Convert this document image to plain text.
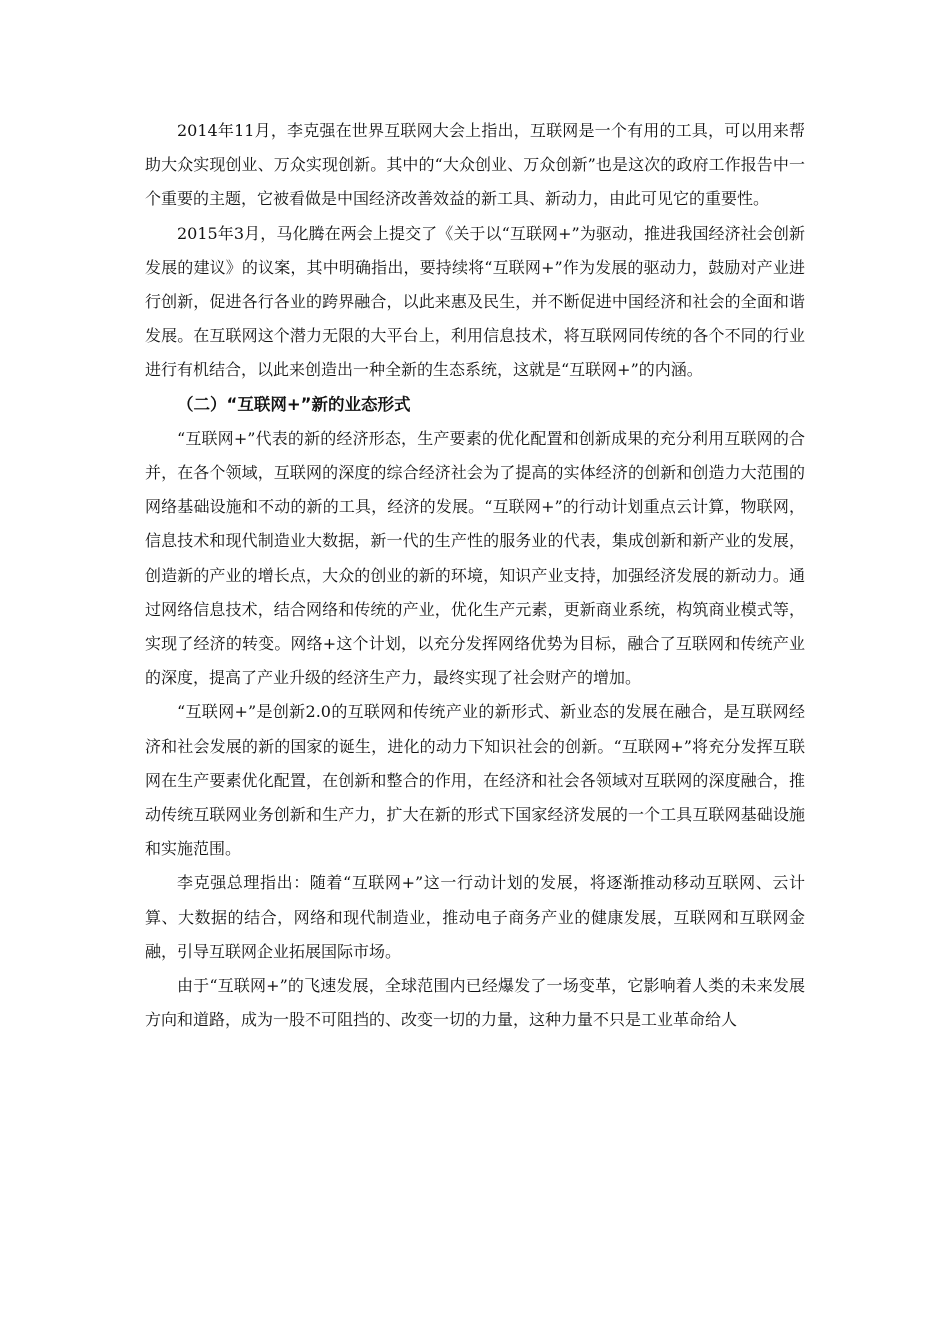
2014年11月，李克强在世界互联网大会上指出，互联网是一个有用的工具，可以用来帮助大众实现创业、万众实现创新。其中的“大众创业、万众创新”也是这次的政府工作报告中一个重要的主题，它被看做是中国经济改善效益的新工具、新动力，由此可见它的重要性。

2015年3月，马化腾在两会上提交了《关于以“互联网+”为驱动，推进我国经济社会创新发展的建议》的议案，其中明确指出，要持续将“互联网+”作为发展的驱动力，鼓励对产业进行创新，促进各行各业的跨界融合，以此来惠及民生，并不断促进中国经济和社会的全面和谐发展。在互联网这个潜力无限的大平台上，利用信息技术，将互联网同传统的各个不同的行业进行有机结合，以此来创造出一种全新的生态系统，这就是“互联网+”的内涵。

（二）“互联网+”新的业态形式

“互联网+”代表的新的经济形态，生产要素的优化配置和创新成果的充分利用互联网的合并，在各个领域，互联网的深度的综合经济社会为了提高的实体经济的创新和创造力大范围的网络基础设施和不动的新的工具，经济的发展。“互联网+”的行动计划重点云计算，物联网，信息技术和现代制造业大数据，新一代的生产性的服务业的代表，集成创新和新产业的发展，创造新的产业的增长点，大众的创业的新的环境，知识产业支持，加强经济发展的新动力。通过网络信息技术，结合网络和传统的产业，优化生产元素，更新商业系统，构筑商业模式等，实现了经济的转变。网络+这个计划，以充分发挥网络优势为目标，融合了互联网和传统产业的深度，提高了产业升级的经济生产力，最终实现了社会财产的增加。

“互联网+”是创新2.0的互联网和传统产业的新形式、新业态的发展在融合，是互联网经济和社会发展的新的国家的诞生，进化的动力下知识社会的创新。“互联网+”将充分发挥互联网在生产要素优化配置，在创新和整合的作用，在经济和社会各领域对互联网的深度融合，推动传统互联网业务创新和生产力，扩大在新的形式下国家经济发展的一个工具互联网基础设施和实施范围。

李克强总理指出：随着“互联网+”这一行动计划的发展，将逐渐推动移动互联网、云计算、大数据的结合，网络和现代制造业，推动电子商务产业的健康发展，互联网和互联网金融，引导互联网企业拓展国际市场。

由于“互联网+”的飞速发展，全球范围内已经爆发了一场变革，它影响着人类的未来发展方向和道路，成为一股不可阻挡的、改变一切的力量，这种力量不只是工业革命给人
